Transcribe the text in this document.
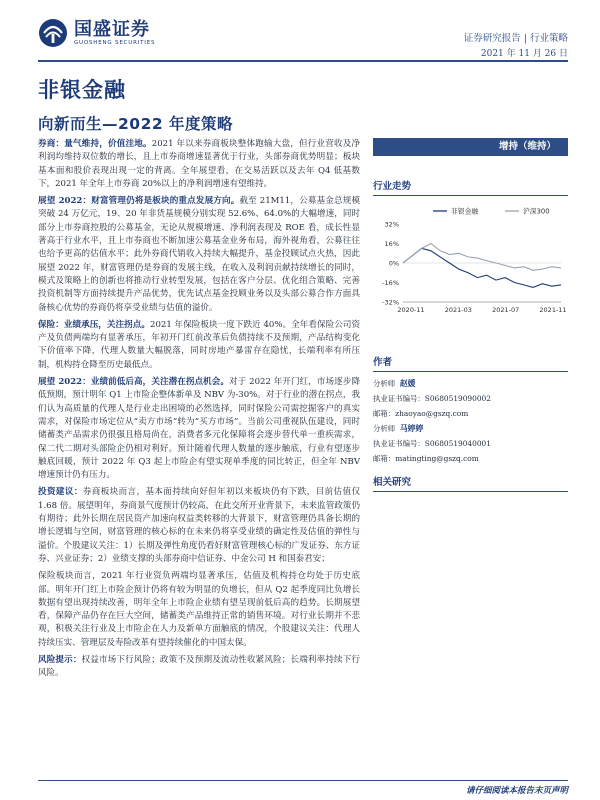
国盛证券
GUOSHENG SECURITIES	证券研究报告 | 行业策略
2021 年 11 月 26 日
非银金融
向新而生—2022 年度策略

券商：量气维持，价值洼地。2021 年以来券商板块整体跑输大盘，但行业营收及净利润均维持双位数的增长，且上市券商增速显著优于行业，头部券商优势明显；板块基本面和股价表现出现一定的背离。全年展望看，在交易活跃以及去年 Q4 低基数下，2021 年全年上市券商 20%以上的净利润增速有望维持。

展望 2022：财富管理仍将是板块的重点发展方向。截至 21M11，公募基金总规模突破 24 万亿元，19、20 年非货基规模分别实现 52.6%、64.0%的大幅增速，同时部分上市券商控股的公募基金，无论从规模增速、净利润表现及 ROE 看，成长性显著高于行业水平，且上市券商也不断加速公募基金业务布局，海外视角看，公募往往也给予更高的估值水平；此外券商代销收入持续大幅提升，基金投顾试点火热，因此展望 2022 年，财富管理仍是券商的发展主线，在收入及利润贡献持续增长的同时，模式及策略上的创新也将推动行业转型发展，包括在客户分层、优化组合策略、完善投资机制等方面持续提升产品优势，优先试点基金投顾业务以及头部公募合作方面具备核心优势的券商仍将享受业绩与估值的溢价。

保险：业绩承压，关注拐点。2021 年保险板块一度下跌近 40%。全年看保险公司资产及负债两端均有显著承压，年初开门红前改革后负债持续不及预期，产品结构变化下价值率下降，代理人数量大幅脱落，同时房地产暴雷存在隐忧，长端利率有所压制，机构持仓降至历史最低点。

展望 2022：业绩前低后高，关注潜在拐点机会。对于 2022 年开门红，市场逐步降低预期，预计明年 Q1 上市险企整体新单及 NBV 为-30%。对于行业的潜在拐点，我们认为高质量的代理人是行业走出困境的必然选择，同时保险公司需挖掘客户的真实需求，对保险市场定位从“卖方市场”转为“买方市场”。当前公司重视队伍建设，同时储蓄类产品需求仍很强且格局尚在，消费者多元化保障将会逐步替代单一重疾需求，保二代二期对头部险企仍相对利好。预计随着代理人数量的逐步触底，行业有望逐步触底回暖，预计 2022 年 Q3 起上市险企有望实现单季度的同比转正，但全年 NBV 增速预计仍有压力。

投资建议：券商板块而言，基本面持续向好但年初以来板块仍有下跌，目前估值仅 1.68 倍。展望明年，券商景气度预计仍较高，在此交所开业背景下，未来监管政策仍有期待；此外长期在居民资产加速向权益类转移的大背景下，财富管理仍具备长期的增长逻辑与空间，财富管理的核心标的在未来仍将享受业绩的确定性及估值的弹性与溢价。个股建议关注：1）长期及弹性角度仍看好财富管理核心标的广发证券、东方证券、兴业证券；2）业绩支撑的头部券商中信证券、中金公司 H 和国泰君安；

保险板块而言，2021 年行业资负两端均显著承压，估值及机构持仓均处于历史底部。明年开门红上市险企预计仍将有较为明显的负增长，但从 Q2 起季度同比负增长数据有望出现持续改善，明年全年上市险企业绩有望呈现前低后高的趋势。长期展望看，保障产品仍存在巨大空间，储蓄类产品维持正常的销售环境。对行业长期并不悲观，积极关注行业及上市险企在人力及新单方面触底的情况，个股建议关注：代理人持续压实、管理层及寿险改革有望持续催化的中国太保。

风险提示：权益市场下行风险；政策不及预期及流动性收紧风险；长端利率持续下行风险。

增持（维持）
行业走势
32%
16%
0%
-16%
-32%
2020-11	2021-03	2021-07	2021-11
非银金融	沪深300
作者
分析师 赵媛
执业证书编号：S0680519090002
邮箱：zhaoyao@gszq.com
分析师 马婷婷
执业证书编号：S0680519040001
邮箱：matingting@gszq.com
相关研究
请仔细阅读本报告末页声明
